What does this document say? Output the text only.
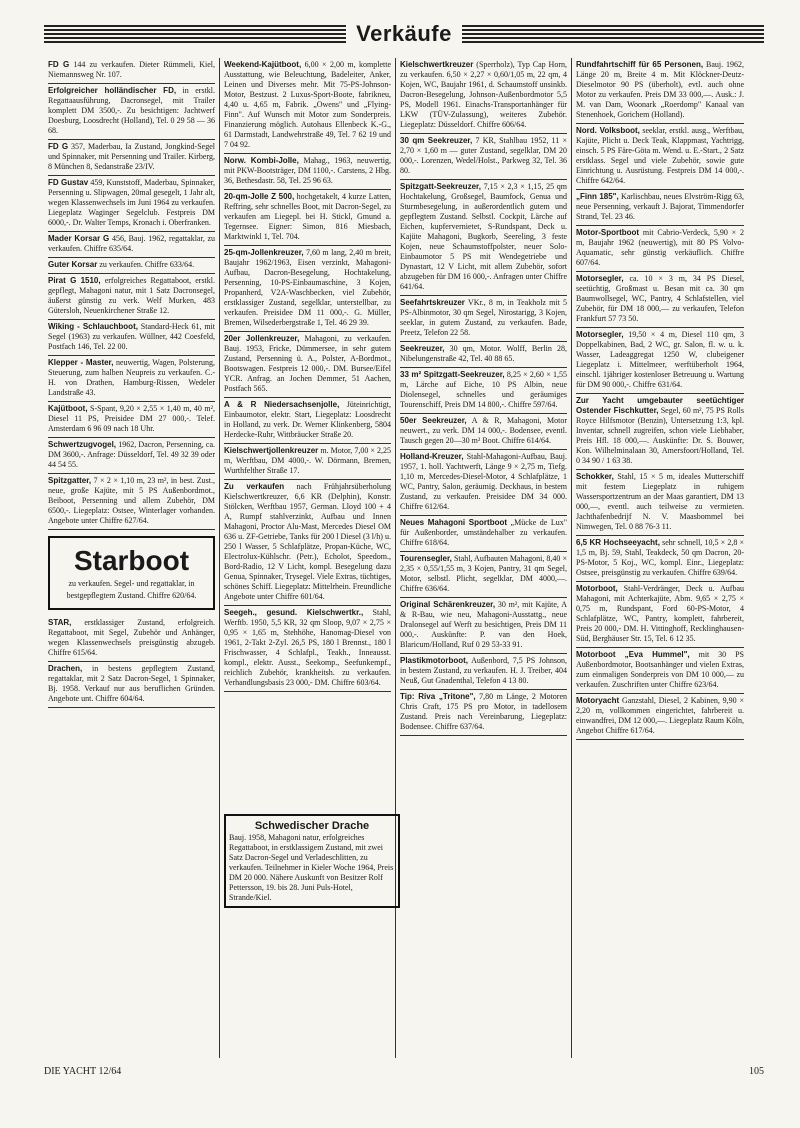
Verkäufe
FD G 144 zu verkaufen. Dieter Rümmeli, Kiel, Niemannsweg Nr. 107.
Erfolgreicher holländischer FD, in erstkl. Regattaausführung, Dacronsegel, mit Trailer komplett DM 3500,-. Zu besichtigen: Jachtwerf Doesburg, Loosdrecht (Holland), Tel. 0 29 58 — 36 68.
FD G 357, Maderbau, Ia Zustand, Jongkind-Segel und Spinnaker, mit Persenning und Trailer. Kirberg, 8 München 8, Sedanstraße 23/IV.
FD Gustav 459, Kunststoff, Maderbau, Spinnaker, Persenning u. Slipwagen, 20mal gesegelt, 1 Jahr alt, wegen Klassenwechsels im Juni 1964 zu verkaufen. Liegeplatz Waginger Segelclub. Festpreis DM 6000,-. Dr. Walter Temps, Kronach i. Oberfranken.
Mader Korsar G 456, Bauj. 1962, regattaklar, zu verkaufen. Chiffre 635/64.
Guter Korsar zu verkaufen. Chiffre 633/64.
Pirat G 1510, erfolgreiches Regattaboot, erstkl. gepflegt, Mahagoni natur, mit 1 Satz Dacronsegel, äußerst günstig zu verk. Welf Murken, 483 Gütersloh, Neuenkirchener Straße 12.
Wiking - Schlauchboot, Standard-Heck 61, mit Segel (1963) zu verkaufen. Wüllner, 442 Coesfeld, Postfach 146, Tel. 22 00.
Klepper - Master, neuwertig, Wagen, Polsterung, Steuerung, zum halben Neupreis zu verkaufen. C.-H. von Drathen, Hamburg-Rissen, Wedeler Landstraße 43.
Kajütboot, S-Spant, 9,20 × 2,55 × 1,40 m, 40 m², Diesel 11 PS, Preisidee DM 27 000,-. Telef. Amsterdam 6 96 09 nach 18 Uhr.
Schwertzugvogel, 1962, Dacron, Persenning, ca. DM 3600,-. Anfrage: Düsseldorf, Tel. 49 32 39 oder 44 54 55.
Spitzgatter, 7 × 2 × 1,10 m, 23 m², in best. Zust., neue, große Kajüte, mit 5 PS Außenbordmot., Beiboot, Persenning und allem Zubehör, DM 6500,-. Liegeplatz: Ostsee, Winterlager vorhanden. Angebote unter Chiffre 627/64.
Starboot
zu verkaufen. Segel- und regattaklar, in bestgepflegtem Zustand. Chiffre 620/64.
STAR, erstklassiger Zustand, erfolgreich. Regattaboot, mit Segel, Zubehör und Anhänger, wegen Klassenwechsels preisgünstig abzugeb. Chiffre 615/64.
Drachen, in bestens gepflegtem Zustand, regattaklar, mit 2 Satz Dacron-Segel, 1 Spinnaker, Bj. 1958. Verkauf nur aus beruflichen Gründen. Angebote unt. Chiffre 604/64.
Weekend-Kajütboot, 6,00 × 2,00 m, komplette Ausstattung, wie Beleuchtung, Badeleiter, Anker, Leinen und Diverses mehr. Mit 75-PS-Johnson-Motor, Bestzust. 2 Luxus-Sport-Boote, fabrikneu, 4,40 u. 4,65 m, Fabrik. „Owens" und „Flying-Finn". Auf Wunsch mit Motor zum Sonderpreis. Finanzierung möglich. Autohaus Ellenbeck K.-G., 61 Darmstadt, Landwehrstraße 49, Tel. 7 62 19 und 7 04 92.
Norw. Kombi-Jolle, Mahag., 1963, neuwertig, mit PKW-Bootsträger, DM 1100,-. Carstens, 2 Hbg. 36, Bethesdastr. 58, Tel. 25 96 63.
20-qm-Jolle Z 500, hochgetakelt, 4 kurze Latten, Reffring, sehr schnelles Boot, mit Dacron-Segel, zu verkaufen am Liegepl. bei H. Stickl, Gmund a. Tegernsee. Eigner: Simon, 816 Miesbach, Marktwinkl 1, Tel. 704.
25-qm-Jollenkreuzer, 7,60 m lang, 2,40 m breit, Baujahr 1962/1963, Eisen verzinkt, Mahagoni-Aufbau, Dacron-Besegelung, Hochtakelung, Persenning, 10-PS-Einbaumaschine, 3 Kojen, Propanherd, V2A-Waschbecken, viel Zubehör, erstklassiger Zustand, segelklar, unterstellbar, zu verkaufen. Preisidee DM 11 000,-. G. Müller, Bremen, Wilsederbergstraße 1, Tel. 46 29 39.
20er Jollenkreuzer, Mahagoni, zu verkaufen. Bauj. 1953, Fricke, Dümmersee, in sehr gutem Zustand, Persenning ü. A., Polster, A-Bordmot., Bootswagen. Festpreis 12 000,-. DM. Bursee/Eifel YCR. Anfrag. an Jochen Demmer, 51 Aachen, Postfach 565.
A & R Niedersachsenjolle, Jüteinrichtigt, Einbaumotor, elektr. Start, Liegeplatz: Loosdrecht in Holland, zu verk. Dr. Werner Klinkenberg, 5804 Herdecke-Ruhr, Wittbräucker Straße 20.
Kielschwertjollenkreuzer m. Motor, 7,00 × 2,25 m, Werftbau, DM 4000,-. W. Dörmann, Bremen, Wurthfelther Straße 17.
Zu verkaufen nach Frühjahrsüberholung Kielschwertkreuzer, 6,6 KR (Delphin), Konstr. Stölcken, Werftbau 1957, German. Lloyd 100 + 4 A, Rumpf stahlverzinkt, Aufbau und Innen Mahagoni, Proctor Alu-Mast, Mercedes Diesel OM 636 u. ZF-Getriebe, Tanks für 200 l Diesel (3 l/h) u. 250 l Wasser, 5 Schlafplätze, Propan-Küche, WC, Electrolux-Kühlschr. (Petr.), Echolot, Speedom., Bord-Radio, 12 V Licht, kompl. Besegelung dazu Genua, Spinnaker, Trysegel. Viele Extras, tüchtiges, schönes Schiff. Liegeplatz: Mittelrhein. Freundliche Angebote unter Chiffre 601/64.
Seegeh., gesund. Kielschwertkr., Stahl, Werftb. 1950, 5,5 KR, 32 qm Sloop, 9,07 × 2,75 × 0,95 × 1,65 m, Stehhöhe, Hanomag-Diesel von 1961, 2-Takt 2-Zyl. 26,5 PS, 180 l Brennst., 180 l Frischwasser, 4 Schlafpl., Teakh., Inneausst. kompl., elektr. Ausst., Seekomp., Seefunkempf., reichlich Zubehör, krankheitsh. zu verkaufen. Verhandlungsbasis 23 000,- DM. Chiffre 603/64.
Kielschwertkreuzer (Sperrholz), Typ Cap Horn, zu verkaufen. 6,50 × 2,27 × 0,60/1,05 m, 22 qm, 4 Kojen, WC, Baujahr 1961, d. Schaumstoff unsinkb. Dacron-Besegelung, Johnson-Außenbordmotor 5,5 PS, Modell 1961. Einachs-Transportanhänger für LKW (TÜV-Zulassung), weiteres Zubehör. Liegeplatz: Düsseldorf. Chiffre 606/64.
30 qm Seekreuzer, 7 KR, Stahlbau 1952, 11 × 2,70 × 1,60 m — guter Zustand, segelklar, DM 20 000,-. Lorenzen, Wedel/Holst., Parkweg 32, Tel. 36 80.
Spitzgatt-Seekreuzer, 7,15 × 2,3 × 1,15, 25 qm Hochtakelung, Großsegel, Baumfock, Genua und Sturmbesegelung, in außerordentlich gutem und gepflegtem Zustand. Selbstl. Cockpit, Lärche auf Eichen, kupfervernietet, S-Rundspant, Deck u. Kajüte Mahagoni, Bugkorb, Seereling, 3 feste Kojen, neue Schaumstoffpolster, neuer Solo-Einbaumotor 5 PS mit Wendegetriebe und Dynastart, 12 V Licht, mit allem Zubehör, sofort abzugeben für DM 16 000,-. Anfragen unter Chiffre 641/64.
Seefahrtskreuzer VKr., 8 m, in Teakholz mit 5 PS-Albinmotor, 30 qm Segel, Nirostarigg, 3 Kojen, seeklar, in gutem Zustand, zu verkaufen. Bade, Preetz, Telefon 22 58.
Seekreuzer, 30 qm, Motor. Wolff, Berlin 28, Nibelungenstraße 42, Tel. 40 88 65.
33 m² Spitzgatt-Seekreuzer, 8,25 × 2,60 × 1,55 m, Lärche auf Eiche, 10 PS Albin, neue Diolensegel, schnelles und geräumiges Tourenschiff, Preis DM 14 800,-. Chiffre 597/64.
50er Seekreuzer, A & R, Mahagoni, Motor neuwert., zu verk. DM 14 000,-. Bodensee, eventl. Tausch gegen 20—30 m² Boot. Chiffre 614/64.
Holland-Kreuzer, Stahl-Mahagoni-Aufbau, Bauj. 1957, 1. holl. Yachtwerft, Länge 9 × 2,75 m, Tiefg. 1,10 m, Mercedes-Diesel-Motor, 4 Schlafplätze, 1 WC, Pantry, Salon, geräumig. Deckhaus, in bestem Zustand, zu verkaufen. Preisidee DM 34 000. Chiffre 612/64.
Neues Mahagoni Sportboot „Mücke de Lux" für Außenborder, umständehalber zu verkaufen. Chiffre 618/64.
Tourensegler, Stahl, Aufbauten Mahagoni, 8,40 × 2,35 × 0,55/1,55 m, 3 Kojen, Pantry, 31 qm Segel, Motor, selbstl. Plicht, segelklar, DM 4000,—. Chiffre 636/64.
Original Schärenkreuzer, 30 m², mit Kajüte, A & R-Bau, wie neu, Mahagoni-Ausstattg., neue Dralonsegel auf Werft zu besichtigen, Preis DM 11 000,-. Auskünfte: P. van den Hoek, Blaricum/Holland, Ruf 0 29 53-33 91.
Plastikmotorboot, Außenbord, 7,5 PS Johnson, in bestem Zustand, zu verkaufen. H. J. Treiber, 404 Neuß, Gut Gnadenthal, Telefon 4 13 80.
Tip: Riva „Tritone", 7,80 m Länge, 2 Motoren Chris Craft, 175 PS pro Motor, in tadellosem Zustand. Preis nach Vereinbarung, Liegeplatz: Bodensee. Chiffre 637/64.
Rundfahrtschiff für 65 Personen, Bauj. 1962, Länge 20 m, Breite 4 m. Mit Klöckner-Deutz-Dieselmotor 90 PS (überholt), evtl. auch ohne Motor zu verkaufen. Preis DM 33 000,—. Ausk.: J. M. van Dam, Woonark „Roerdomp" Kanaal van Stenenhoek, Gorichem (Holland).
Nord. Volksboot, seeklar, erstkl. ausg., Werftbau, Kajüte, Plicht u. Deck Teak, Klappmast, Yachtrigg, einsch. 5 PS Färe-Göta m. Wend. u. E.-Start., 2 Satz erstklass. Segel und viele Zubehör, sowie gute Einrichtung u. Ausrüstung. Festpreis DM 14 000,-. Chiffre 642/64.
„Finn 185", Karlischbau, neues Elvström-Rigg 63, neue Persenning, verkauft J. Bajorat, Timmendorfer Strand, Tel. 23 46.
Motor-Sportboot mit Cabrio-Verdeck, 5,90 × 2 m, Baujahr 1962 (neuwertig), mit 80 PS Volvo-Aquamatic, sehr günstig verkäuflich. Chiffre 607/64.
Motorsegler, ca. 10 × 3 m, 34 PS Diesel, seetüchtig, Großmast u. Besan mit ca. 30 qm Baumwollsegel, WC, Pantry, 4 Schlafstellen, viel Zubehör, für DM 18 000,— zu verkaufen, Telefon Frankfurt 57 73 50.
Motorsegler, 19,50 × 4 m, Diesel 110 qm, 3 Doppelkabinen, Bad, 2 WC, gr. Salon, fl. w. u. k. Wasser, Ladeaggregat 1250 W, clubeigener Liegeplatz i. Mittelmeer, werftüberholt 1964, einschl. 1jähriger kostenloser Betreuung u. Wartung für DM 90 000,-. Chiffre 631/64.
Zur Yacht umgebauter seetüchtiger Ostender Fischkutter, Segel, 60 m², 75 PS Rolls Royce Hilfsmotor (Benzin), Untersetzung 1:3, kpl. Inventar, schnell zugreifen, schon viele Liebhaber, Preis Hfl. 18 000,—. Auskünfte: Dr. S. Bouwer, Kon. Wilhelminalaan 30, Amersfoort/Holland, Tel. 0 34 90 / 1 63 38.
Schokker, Stahl, 15 × 5 m, ideales Mutterschiff mit festem Liegeplatz in ruhigem Wassersportzentrum an der Maas garantiert, DM 13 000,—, eventl. auch teilweise zu vermieten. Jachthafenbedrijf N. V. Maasbommel bei Nimwegen, Tel. 0 88 76-3 11.
6,5 KR Hochseeyacht, sehr schnell, 10,5 × 2,8 × 1,5 m, Bj. 59, Stahl, Teakdeck, 50 qm Dacron, 20-PS-Motor, 5 Koj., WC, kompl. Einr., Liegeplatz: Ostsee, preisgünstig zu verkaufen. Chiffre 639/64.
Motorboot, Stahl-Verdränger, Deck u. Aufbau Mahagoni, mit Achterkajüte, Abm. 9,65 × 2,75 × 0,75 m, Rundspant, Ford 60-PS-Motor, 4 Schlafplätze, WC, Pantry, komplett, fahrbereit, Preis 20 000,- DM. H. Vittinghoff, Recklinghausen-Süd, Berghäuser Str. 15, Tel. 6 12 35.
Motorboot „Eva Hummel", mit 30 PS Außenbordmotor, Bootsanhänger und vielen Extras, zum einmaligen Sonderpreis von DM 10 000,— zu verkaufen. Zuschriften unter Chiffre 623/64.
Motoryacht Ganzstahl, Diesel, 2 Kabinen, 9,90 × 2,20 m, vollkommen eingerichtet, fahrbereit u. einwandfrei, DM 12 000,—. Liegeplatz Raum Köln, Angebot Chiffre 617/64.
Schwedischer Drache
Bauj. 1958, Mahagoni natur, erfolgreiches Regattaboot, in erstklassigem Zustand, mit zwei Satz Dacron-Segel und Verladeschlitten, zu verkaufen. Teilnehmer in Kieler Woche 1964, Preis DM 20 000. Nähere Auskunft von Besitzer Rolf Pettersson, 19. bis 28. Juni Puls-Hotel, Strande/Kiel.
DIE YACHT 12/64	105
